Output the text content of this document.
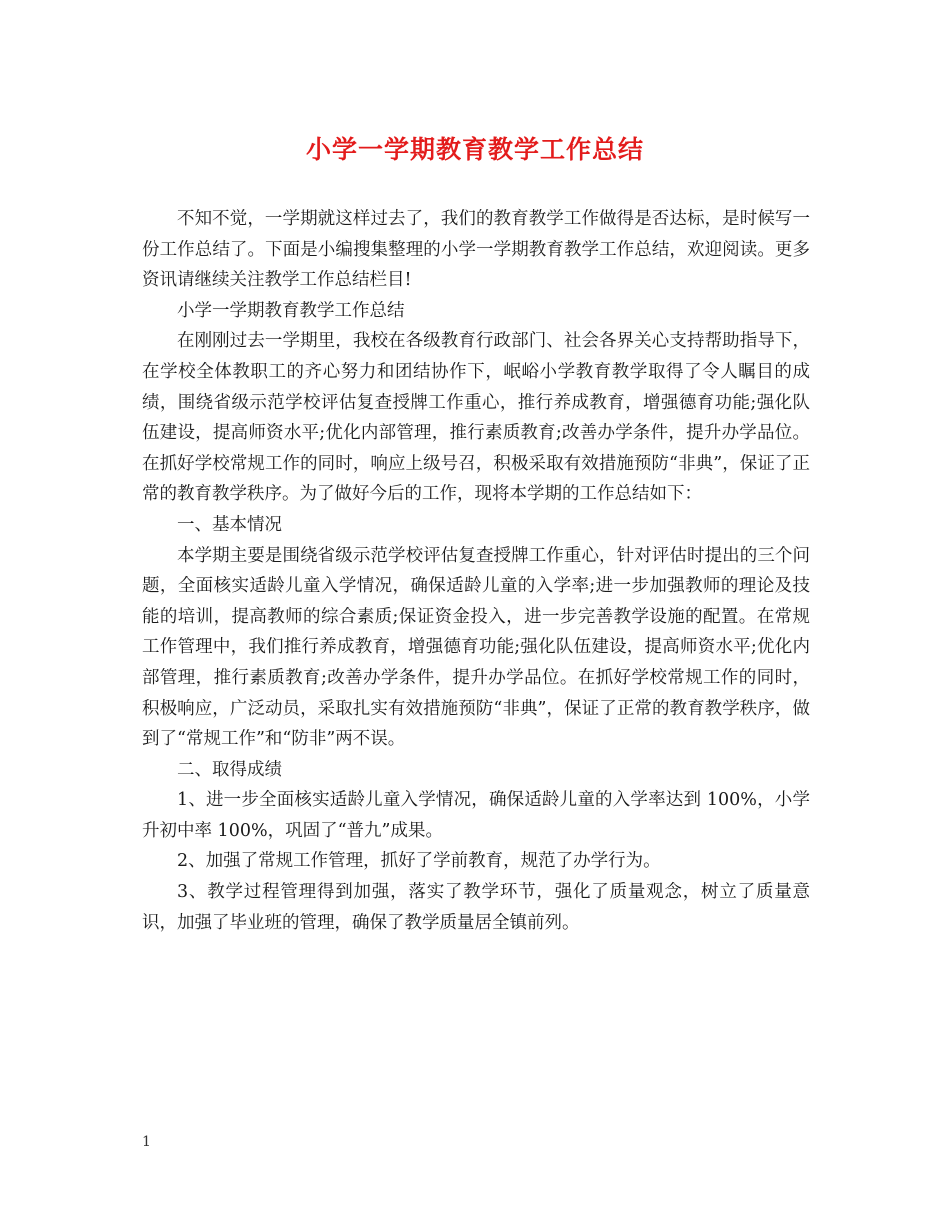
小学一学期教育教学工作总结

不知不觉，一学期就这样过去了，我们的教育教学工作做得是否达标，是时候写一份工作总结了。下面是小编搜集整理的小学一学期教育教学工作总结，欢迎阅读。更多资讯请继续关注教学工作总结栏目!

小学一学期教育教学工作总结

在刚刚过去一学期里，我校在各级教育行政部门、社会各界关心支持帮助指导下，在学校全体教职工的齐心努力和团结协作下，岷峪小学教育教学取得了令人瞩目的成绩，围绕省级示范学校评估复查授牌工作重心，推行养成教育，增强德育功能;强化队伍建设，提高师资水平;优化内部管理，推行素质教育;改善办学条件，提升办学品位。在抓好学校常规工作的同时，响应上级号召，积极采取有效措施预防“非典”，保证了正常的教育教学秩序。为了做好今后的工作，现将本学期的工作总结如下：

一、基本情况

本学期主要是围绕省级示范学校评估复查授牌工作重心，针对评估时提出的三个问题，全面核实适龄儿童入学情况，确保适龄儿童的入学率;进一步加强教师的理论及技能的培训，提高教师的综合素质;保证资金投入，进一步完善教学设施的配置。在常规工作管理中，我们推行养成教育，增强德育功能;强化队伍建设，提高师资水平;优化内部管理，推行素质教育;改善办学条件，提升办学品位。在抓好学校常规工作的同时，积极响应，广泛动员，采取扎实有效措施预防“非典”，保证了正常的教育教学秩序，做到了“常规工作”和“防非”两不误。

二、取得成绩

1、进一步全面核实适龄儿童入学情况，确保适龄儿童的入学率达到 100%，小学升初中率 100%，巩固了“普九”成果。

2、加强了常规工作管理，抓好了学前教育，规范了办学行为。

3、教学过程管理得到加强，落实了教学环节，强化了质量观念，树立了质量意识，加强了毕业班的管理，确保了教学质量居全镇前列。

1
